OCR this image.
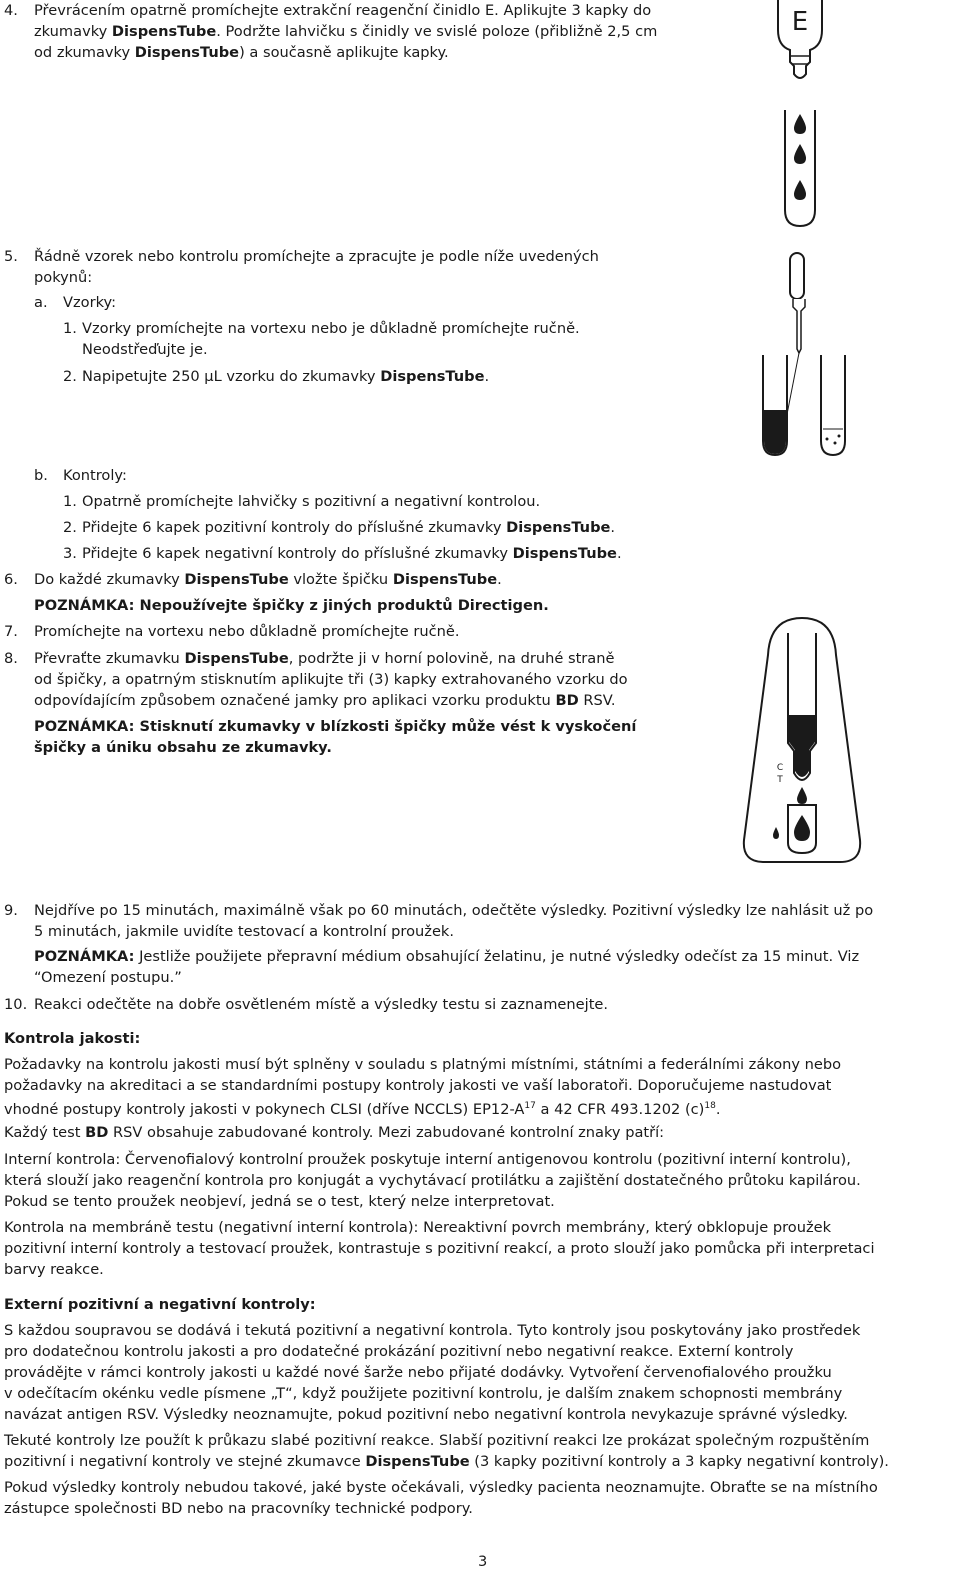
4. Převrácením opatrně promíchejte extrakční reagenční činidlo E. Aplikujte 3 kapky do
zkumavky DispensTube. Podržte lahvičku s činidly ve svislé poloze (přibližně 2,5 cm
od zkumavky DispensTube) a současně aplikujte kapky.
5. Řádně vzorek nebo kontrolu promíchejte a zpracujte je podle níže uvedených
pokynů:
a. Vzorky:
1. Vzorky promíchejte na vortexu nebo je důkladně promíchejte ručně.
Neodstřeďujte je.
2. Napipetujte 250 µL vzorku do zkumavky DispensTube.
b. Kontroly:
1. Opatrně promíchejte lahvičky s pozitivní a negativní kontrolou.
2. Přidejte 6 kapek pozitivní kontroly do příslušné zkumavky DispensTube.
3. Přidejte 6 kapek negativní kontroly do příslušné zkumavky DispensTube.
6. Do každé zkumavky DispensTube vložte špičku DispensTube.
POZNÁMKA: Nepoužívejte špičky z jiných produktů Directigen.
7. Promíchejte na vortexu nebo důkladně promíchejte ručně.
8. Převraťte zkumavku DispensTube, podržte ji v horní polovině, na druhé straně
od špičky, a opatrným stisknutím aplikujte tři (3) kapky extrahovaného vzorku do
odpovídajícím způsobem označené jamky pro aplikaci vzorku produktu BD RSV.
POZNÁMKA: Stisknutí zkumavky v blízkosti špičky může vést k vyskočení
špičky a úniku obsahu ze zkumavky.
9. Nejdříve po 15 minutách, maximálně však po 60 minutách, odečtěte výsledky. Pozitivní výsledky lze nahlásit už po
5 minutách, jakmile uvidíte testovací a kontrolní proužek.
POZNÁMKA: Jestliže použijete přepravní médium obsahující želatinu, je nutné výsledky odečíst za 15 minut. Viz
“Omezení postupu.”
10. Reakci odečtěte na dobře osvětleném místě a výsledky testu si zaznamenejte.
Kontrola jakosti:
Požadavky na kontrolu jakosti musí být splněny v souladu s platnými místními, státními a federálními zákony nebo
požadavky na akreditaci a se standardními postupy kontroly jakosti ve vaší laboratoři. Doporučujeme nastudovat
vhodné postupy kontroly jakosti v pokynech CLSI (dříve NCCLS) $EP12-A^{17}$ a 42 CFR 493.1202 $(c)^{18}$.
Každý test BD RSV obsahuje zabudované kontroly. Mezi zabudované kontrolní znaky patří:
Interní kontrola: Červenofialový kontrolní proužek poskytuje interní antigenovou kontrolu (pozitivní interní kontrolu),
která slouží jako reagenční kontrola pro konjugát a vychytávací protilátku a zajištění dostatečného průtoku kapilárou.
Pokud se tento proužek neobjeví, jedná se o test, který nelze interpretovat.
Kontrola na membráně testu (negativní interní kontrola): Nereaktivní povrch membrány, který obklopuje proužek
pozitivní interní kontroly a testovací proužek, kontrastuje s pozitivní reakcí, a proto slouží jako pomůcka při interpretaci
barvy reakce.
Externí pozitivní a negativní kontroly:
S každou soupravou se dodává i tekutá pozitivní a negativní kontrola. Tyto kontroly jsou poskytovány jako prostředek
pro dodatečnou kontrolu jakosti a pro dodatečné prokázání pozitivní nebo negativní reakce. Externí kontroly
provádějte v rámci kontroly jakosti u každé nové šarže nebo přijaté dodávky. Vytvoření červenofialového proužku
v odečítacím okénku vedle písmene „T“, když použijete pozitivní kontrolu, je dalším znakem schopnosti membrány
navázat antigen RSV. Výsledky neoznamujte, pokud pozitivní nebo negativní kontrola nevykazuje správné výsledky.
Tekuté kontroly lze použít k průkazu slabé pozitivní reakce. Slabší pozitivní reakci lze prokázat společným rozpuštěním
pozitivní i negativní kontroly ve stejné zkumavce DispensTube (3 kapky pozitivní kontroly a 3 kapky negativní kontroly).
Pokud výsledky kontroly nebudou takové, jaké byste očekávali, výsledky pacienta neoznamujte. Obraťte se na místního
zástupce společnosti BD nebo na pracovníky technické podpory.
3
E
C
T
